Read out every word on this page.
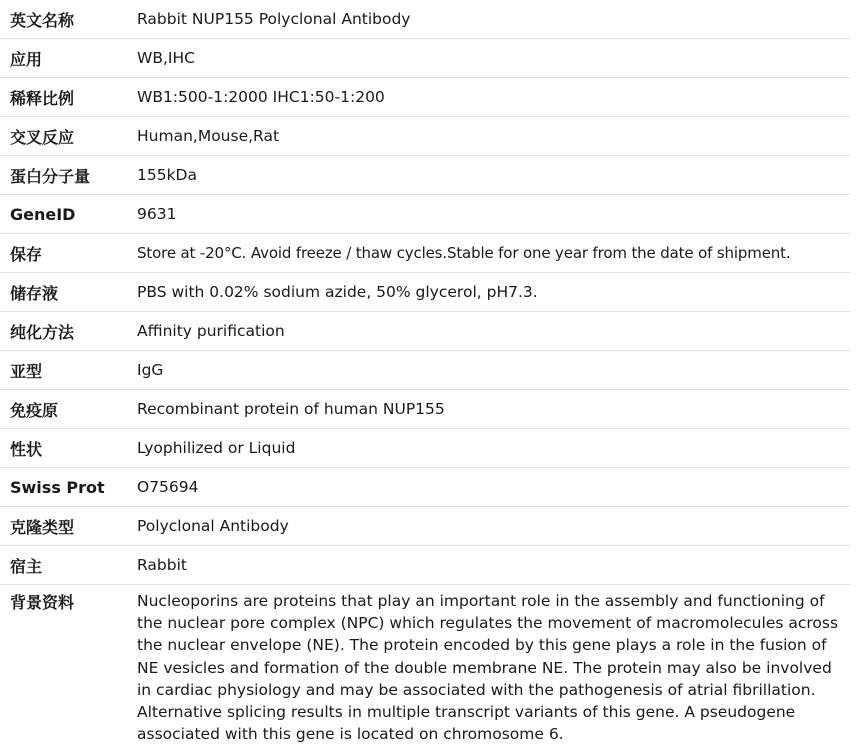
英文名称	Rabbit NUP155 Polyclonal Antibody
应用	WB,IHC
稀释比例	WB1:500-1:2000 IHC1:50-1:200
交叉反应	Human,Mouse,Rat
蛋白分子量	155kDa
GeneID	9631
保存	Store at -20°C. Avoid freeze / thaw cycles.Stable for one year from the date of shipment.
储存液	PBS with 0.02% sodium azide, 50% glycerol, pH7.3.
纯化方法	Affinity purification
亚型	IgG
免疫原	Recombinant protein of human NUP155
性状	Lyophilized or Liquid
Swiss Prot	O75694
克隆类型	Polyclonal Antibody
宿主	Rabbit
背景资料	Nucleoporins are proteins that play an important role in the assembly and functioning of the nuclear pore complex (NPC) which regulates the movement of macromolecules across the nuclear envelope (NE). The protein encoded by this gene plays a role in the fusion of NE vesicles and formation of the double membrane NE. The protein may also be involved in cardiac physiology and may be associated with the pathogenesis of atrial fibrillation. Alternative splicing results in multiple transcript variants of this gene. A pseudogene associated with this gene is located on chromosome 6.
